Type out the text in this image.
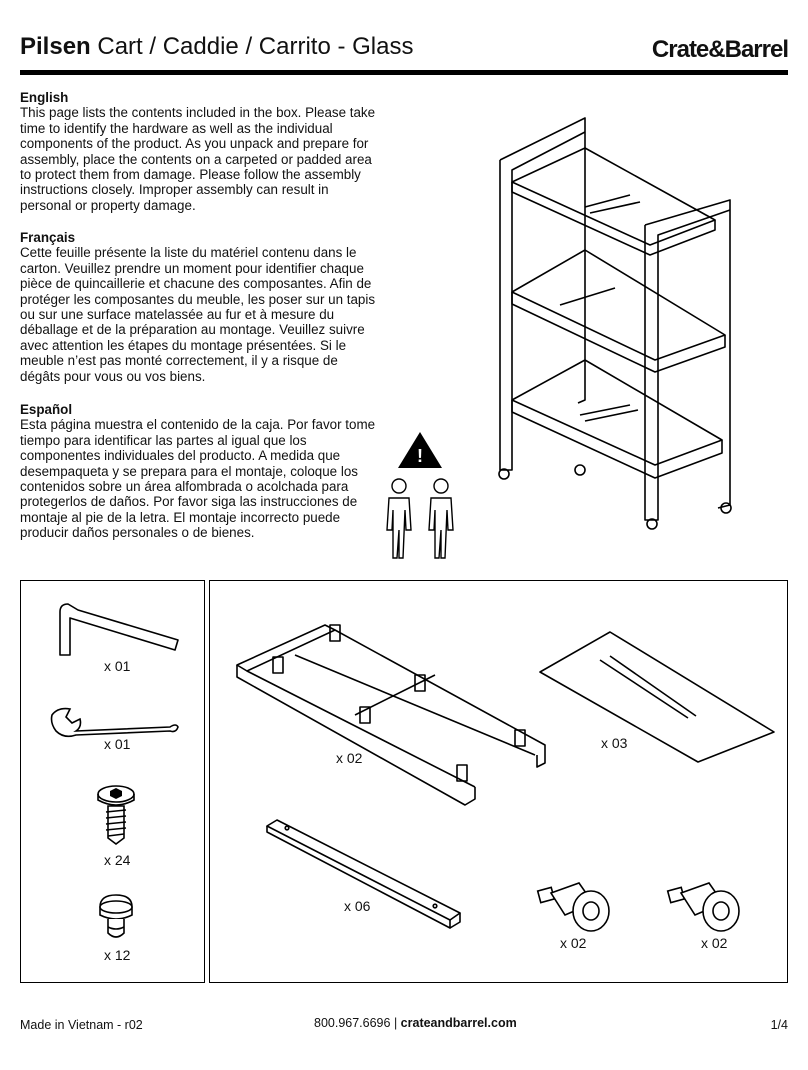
Pilsen Cart / Caddie / Carrito - Glass	Crate&Barrel
English

This page lists the contents included in the box. Please take time to identify the hardware as well as the individual components of the product. As you unpack and prepare for assembly, place the contents on a carpeted or padded area to protect them from damage. Please follow the assembly instructions closely. Improper assembly can result in personal or property damage.

Français

Cette feuille présente la liste du matériel contenu dans le carton. Veuillez prendre un moment pour identifier chaque pièce de quincaillerie et chacune des composantes. Afin de protéger les composantes du meuble, les poser sur un tapis ou sur une surface matelassée au fur et à mesure du déballage et de la préparation au montage. Veuillez suivre avec attention les étapes du montage présentées. Si le meuble n’est pas monté correctement, il y a risque de dégâts pour vous ou vos biens.

Español

Esta página muestra el contenido de la caja. Por favor tome tiempo para identificar las partes al igual que los componentes individuales del producto. A medida que desempaqueta y se prepara para el montaje, coloque los contenidos sobre un área alfombrada o acolchada para protegerlos de daños. Por favor siga las instrucciones de montaje al pie de la letra. El montaje incorrecto puede producir daños personales o de bienes.

!
x 01
x 01
x 24
x 12
x 02
x 03
x 06
x 02	x 02
Made in Vietnam - r02	800.967.6696 | crateandbarrel.com	1/4
